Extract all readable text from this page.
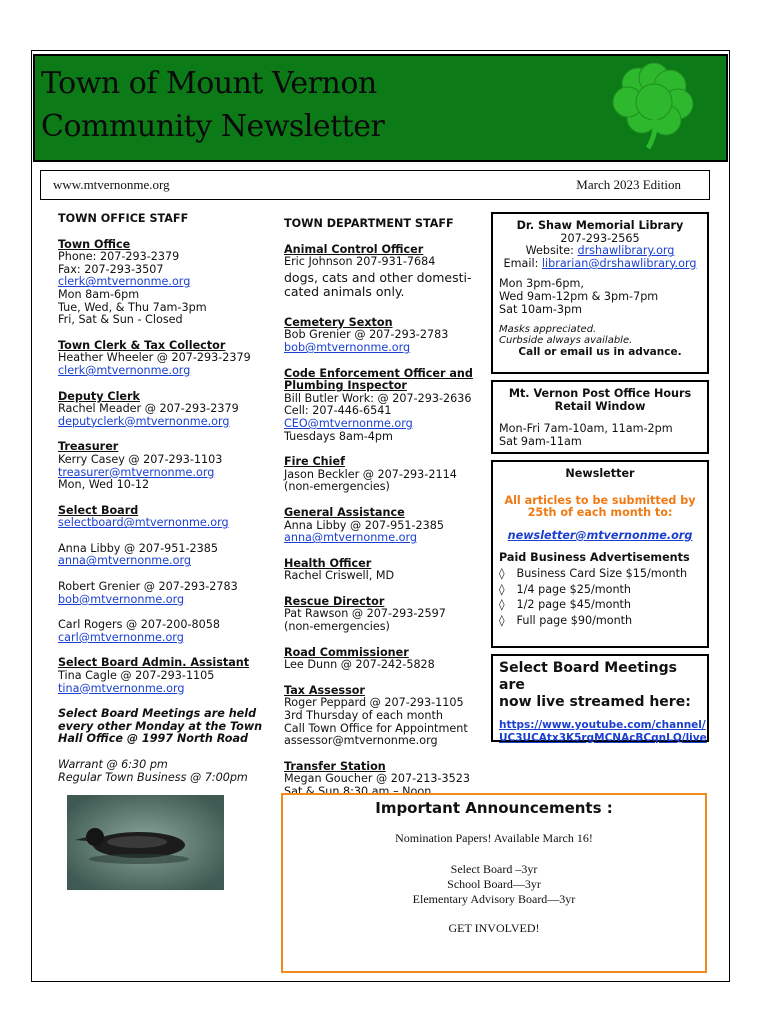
Town of Mount Vernon
Community Newsletter
www.mtvernonme.org	March 2023 Edition
TOWN OFFICE STAFF
Town Office
Phone: 207-293-2379
Fax: 207-293-3507
clerk@mtvernonme.org
Mon 8am-6pm
Tue, Wed, & Thu 7am-3pm
Fri, Sat & Sun - Closed
Town Clerk & Tax Collector
Heather Wheeler @ 207-293-2379
clerk@mtvernonme.org
Deputy Clerk
Rachel Meader @ 207-293-2379
deputyclerk@mtvernonme.org
Treasurer
Kerry Casey @ 207-293-1103
treasurer@mtvernonme.org
Mon, Wed 10-12
Select Board
selectboard@mtvernonme.org
Anna Libby @ 207-951-2385
anna@mtvernonme.org
Robert Grenier @ 207-293-2783
bob@mtvernonme.org
Carl Rogers @ 207-200-8058
carl@mtvernonme.org
Select Board Admin. Assistant
Tina Cagle @ 207-293-1105
tina@mtvernonme.org
Select Board Meetings are held
every other Monday at the Town
Hall Office @ 1997 North Road
Warrant @ 6:30 pm
Regular Town Business @ 7:00pm
TOWN DEPARTMENT STAFF
Animal Control Officer
Eric Johnson 207-931-7684
dogs, cats and other domesti-
cated animals only.
Cemetery Sexton
Bob Grenier @ 207-293-2783
bob@mtvernonme.org
Code Enforcement Officer and
Plumbing Inspector
Bill Butler Work: @ 207-293-2636
Cell: 207-446-6541
CEO@mtvernonme.org
Tuesdays 8am-4pm
Fire Chief
Jason Beckler @ 207-293-2114
(non-emergencies)
General Assistance
Anna Libby @ 207-951-2385
anna@mtvernonme.org
Health Officer
Rachel Criswell, MD
Rescue Director
Pat Rawson @ 207-293-2597
(non-emergencies)
Road Commissioner
Lee Dunn @ 207-242-5828
Tax Assessor
Roger Peppard @ 207-293-1105
3rd Thursday of each month
Call Town Office for Appointment
assessor@mtvernonme.org
Transfer Station
Megan Goucher @ 207-213-3523
Sat & Sun 8:30 am – Noon
Dr. Shaw Memorial Library
207-293-2565
Website: drshawlibrary.org
Email: librarian@drshawlibrary.org
Mon 3pm-6pm,
Wed 9am-12pm & 3pm-7pm
Sat 10am-3pm
Masks appreciated.
Curbside always available.
Call or email us in advance.
Mt. Vernon Post Office Hours
Retail Window
Mon-Fri 7am-10am, 11am-2pm
Sat 9am-11am
Newsletter
All articles to be submitted by
25th of each month to:
newsletter@mtvernonme.org
Paid Business Advertisements
◊ Business Card Size $15/month
◊ 1/4 page $25/month
◊ 1/2 page $45/month
◊ Full page $90/month
Select Board Meetings are
now live streamed here:
https://www.youtube.com/channel/
UC3UCAtx3K5rgMCNAcBCqnLQ/live
Important Announcements :
Nomination Papers! Available March 16!
Select Board –3yr
School Board—3yr
Elementary Advisory Board—3yr
GET INVOLVED!
